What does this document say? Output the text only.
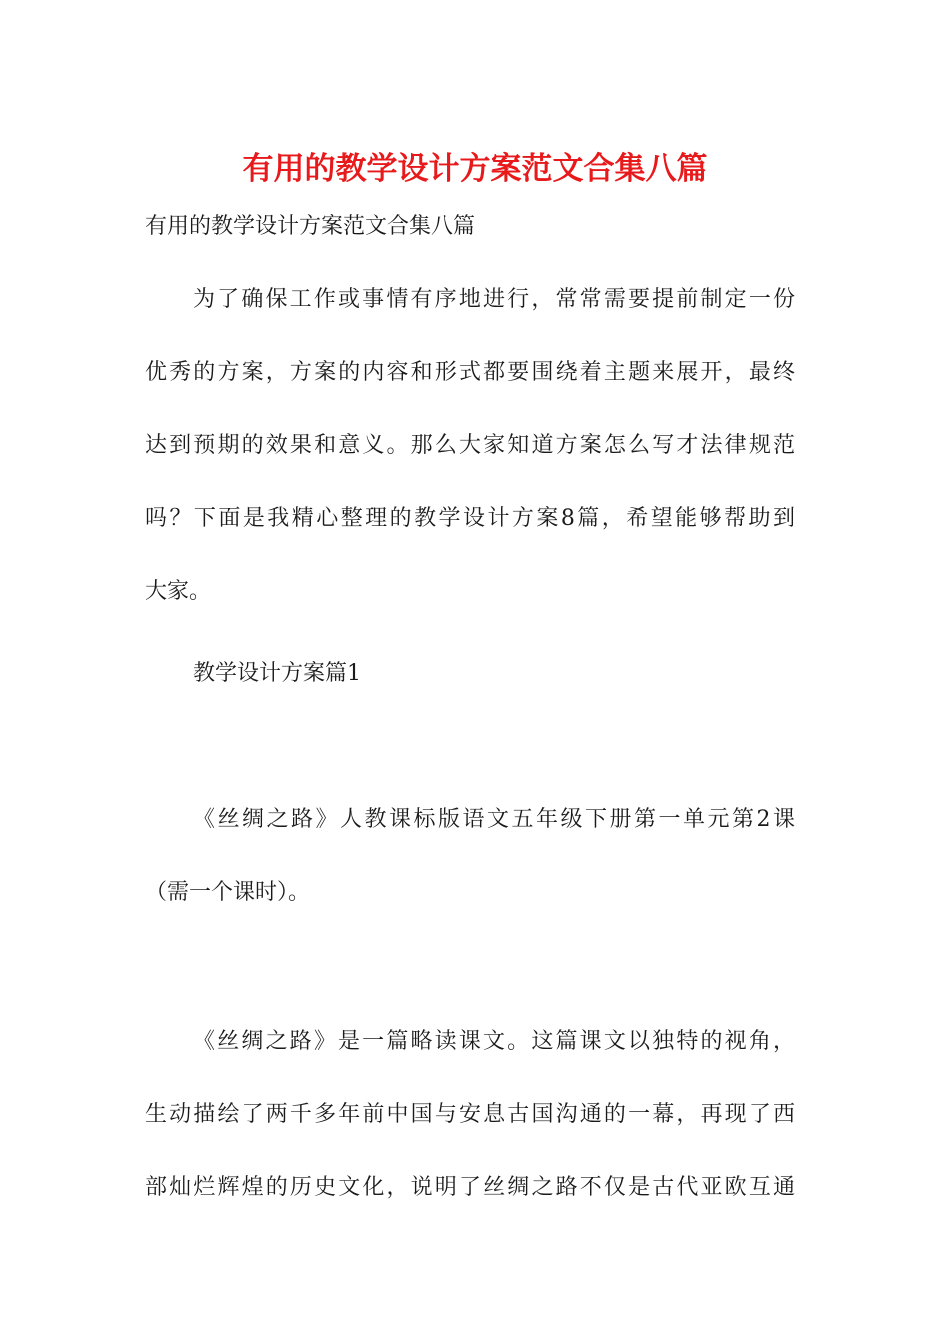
有用的教学设计方案范文合集八篇
有用的教学设计方案范文合集八篇
为了确保工作或事情有序地进行，常常需要提前制定一份
优秀的方案，方案的内容和形式都要围绕着主题来展开，最终
达到预期的效果和意义。那么大家知道方案怎么写才法律规范
吗？下面是我精心整理的教学设计方案8篇，希望能够帮助到
大家。
教学设计方案篇1
《丝绸之路》人教课标版语文五年级下册第一单元第2课
（需一个课时）。
《丝绸之路》是一篇略读课文。这篇课文以独特的视角，
生动描绘了两千多年前中国与安息古国沟通的一幕，再现了西
部灿烂辉煌的历史文化，说明了丝绸之路不仅是古代亚欧互通
